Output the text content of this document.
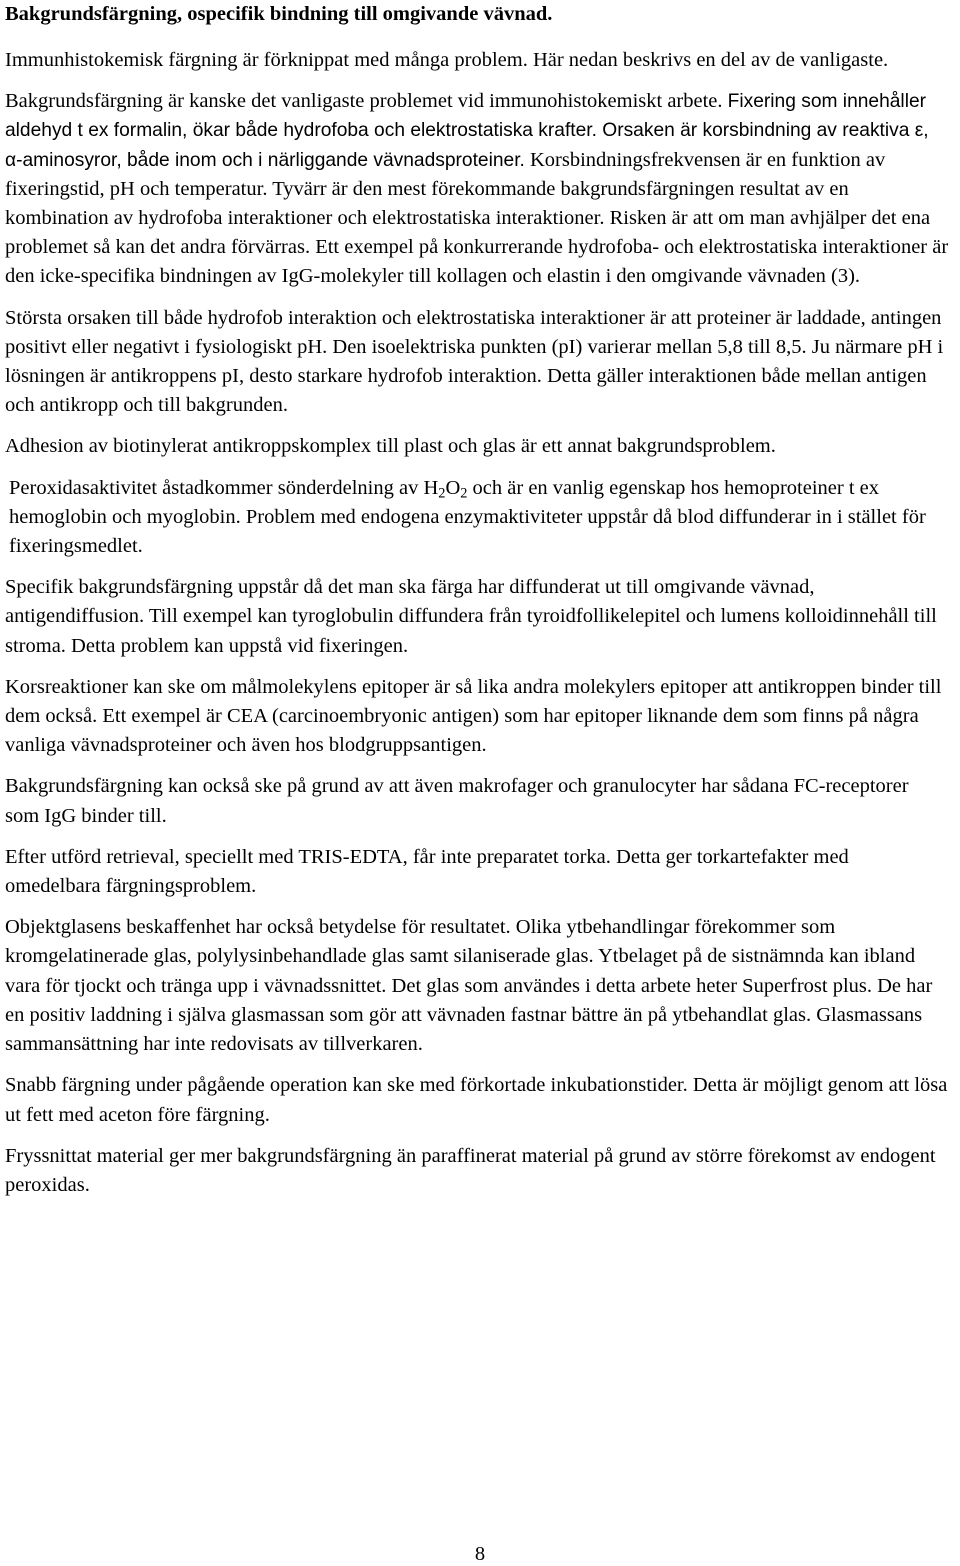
Bakgrundsfärgning, ospecifik bindning till omgivande vävnad.

Immunhistokemisk färgning är förknippat med många problem. Här nedan beskrivs en del av de vanligaste.

Bakgrundsfärgning är kanske det vanligaste problemet vid immunohistokemiskt arbete. Fixering som innehåller aldehyd t ex formalin, ökar både hydrofoba och elektrostatiska krafter. Orsaken är korsbindning av reaktiva ε, α-aminosyror, både inom och i närliggande vävnadsproteiner. Korsbindningsfrekvensen är en funktion av fixeringstid, pH och temperatur. Tyvärr är den mest förekommande bakgrundsfärgningen resultat av en kombination av hydrofoba interaktioner och elektrostatiska interaktioner. Risken är att om man avhjälper det ena problemet så kan det andra förvärras. Ett exempel på konkurrerande hydrofoba- och elektrostatiska interaktioner är den icke-specifika bindningen av IgG-molekyler till kollagen och elastin i den omgivande vävnaden (3).

Största orsaken till både hydrofob interaktion och elektrostatiska interaktioner är att proteiner är laddade, antingen positivt eller negativt i fysiologiskt pH. Den isoelektriska punkten (pI) varierar mellan 5,8 till 8,5. Ju närmare pH i lösningen är antikroppens pI, desto starkare hydrofob interaktion. Detta gäller interaktionen både mellan antigen och antikropp och till bakgrunden.

Adhesion av biotinylerat antikroppskomplex till plast och glas är ett annat bakgrundsproblem.

Peroxidasaktivitet åstadkommer sönderdelning av $H_2O_2$ och är en vanlig egenskap hos hemoproteiner t ex hemoglobin och myoglobin. Problem med endogena enzymaktiviteter uppstår då blod diffunderar in i stället för fixeringsmedlet.

Specifik bakgrundsfärgning uppstår då det man ska färga har diffunderat ut till omgivande vävnad, antigendiffusion. Till exempel kan tyroglobulin diffundera från tyroidfollikelepitel och lumens kolloidinnehåll till stroma. Detta problem kan uppstå vid fixeringen.

Korsreaktioner kan ske om målmolekylens epitoper är så lika andra molekylers epitoper att antikroppen binder till dem också. Ett exempel är CEA (carcinoembryonic antigen) som har epitoper liknande dem som finns på några vanliga vävnadsproteiner och även hos blodgruppsantigen.

Bakgrundsfärgning kan också ske på grund av att även makrofager och granulocyter har sådana FC-receptorer som IgG binder till.

Efter utförd retrieval, speciellt med TRIS-EDTA, får inte preparatet torka. Detta ger torkartefakter med omedelbara färgningsproblem.

Objektglasens beskaffenhet har också betydelse för resultatet. Olika ytbehandlingar förekommer som kromgelatinerade glas, polylysinbehandlade glas samt silaniserade glas. Ytbelaget på de sistnämnda kan ibland vara för tjockt och tränga upp i vävnadssnittet. Det glas som användes i detta arbete heter Superfrost plus. De har en positiv laddning i själva glasmassan som gör att vävnaden fastnar bättre än på ytbehandlat glas. Glasmassans sammansättning har inte redovisats av tillverkaren.

Snabb färgning under pågående operation kan ske med förkortade inkubationstider. Detta är möjligt genom att lösa ut fett med aceton före färgning.

Fryssnittat material ger mer bakgrundsfärgning än paraffinerat material på grund av större förekomst av endogent peroxidas.

8
